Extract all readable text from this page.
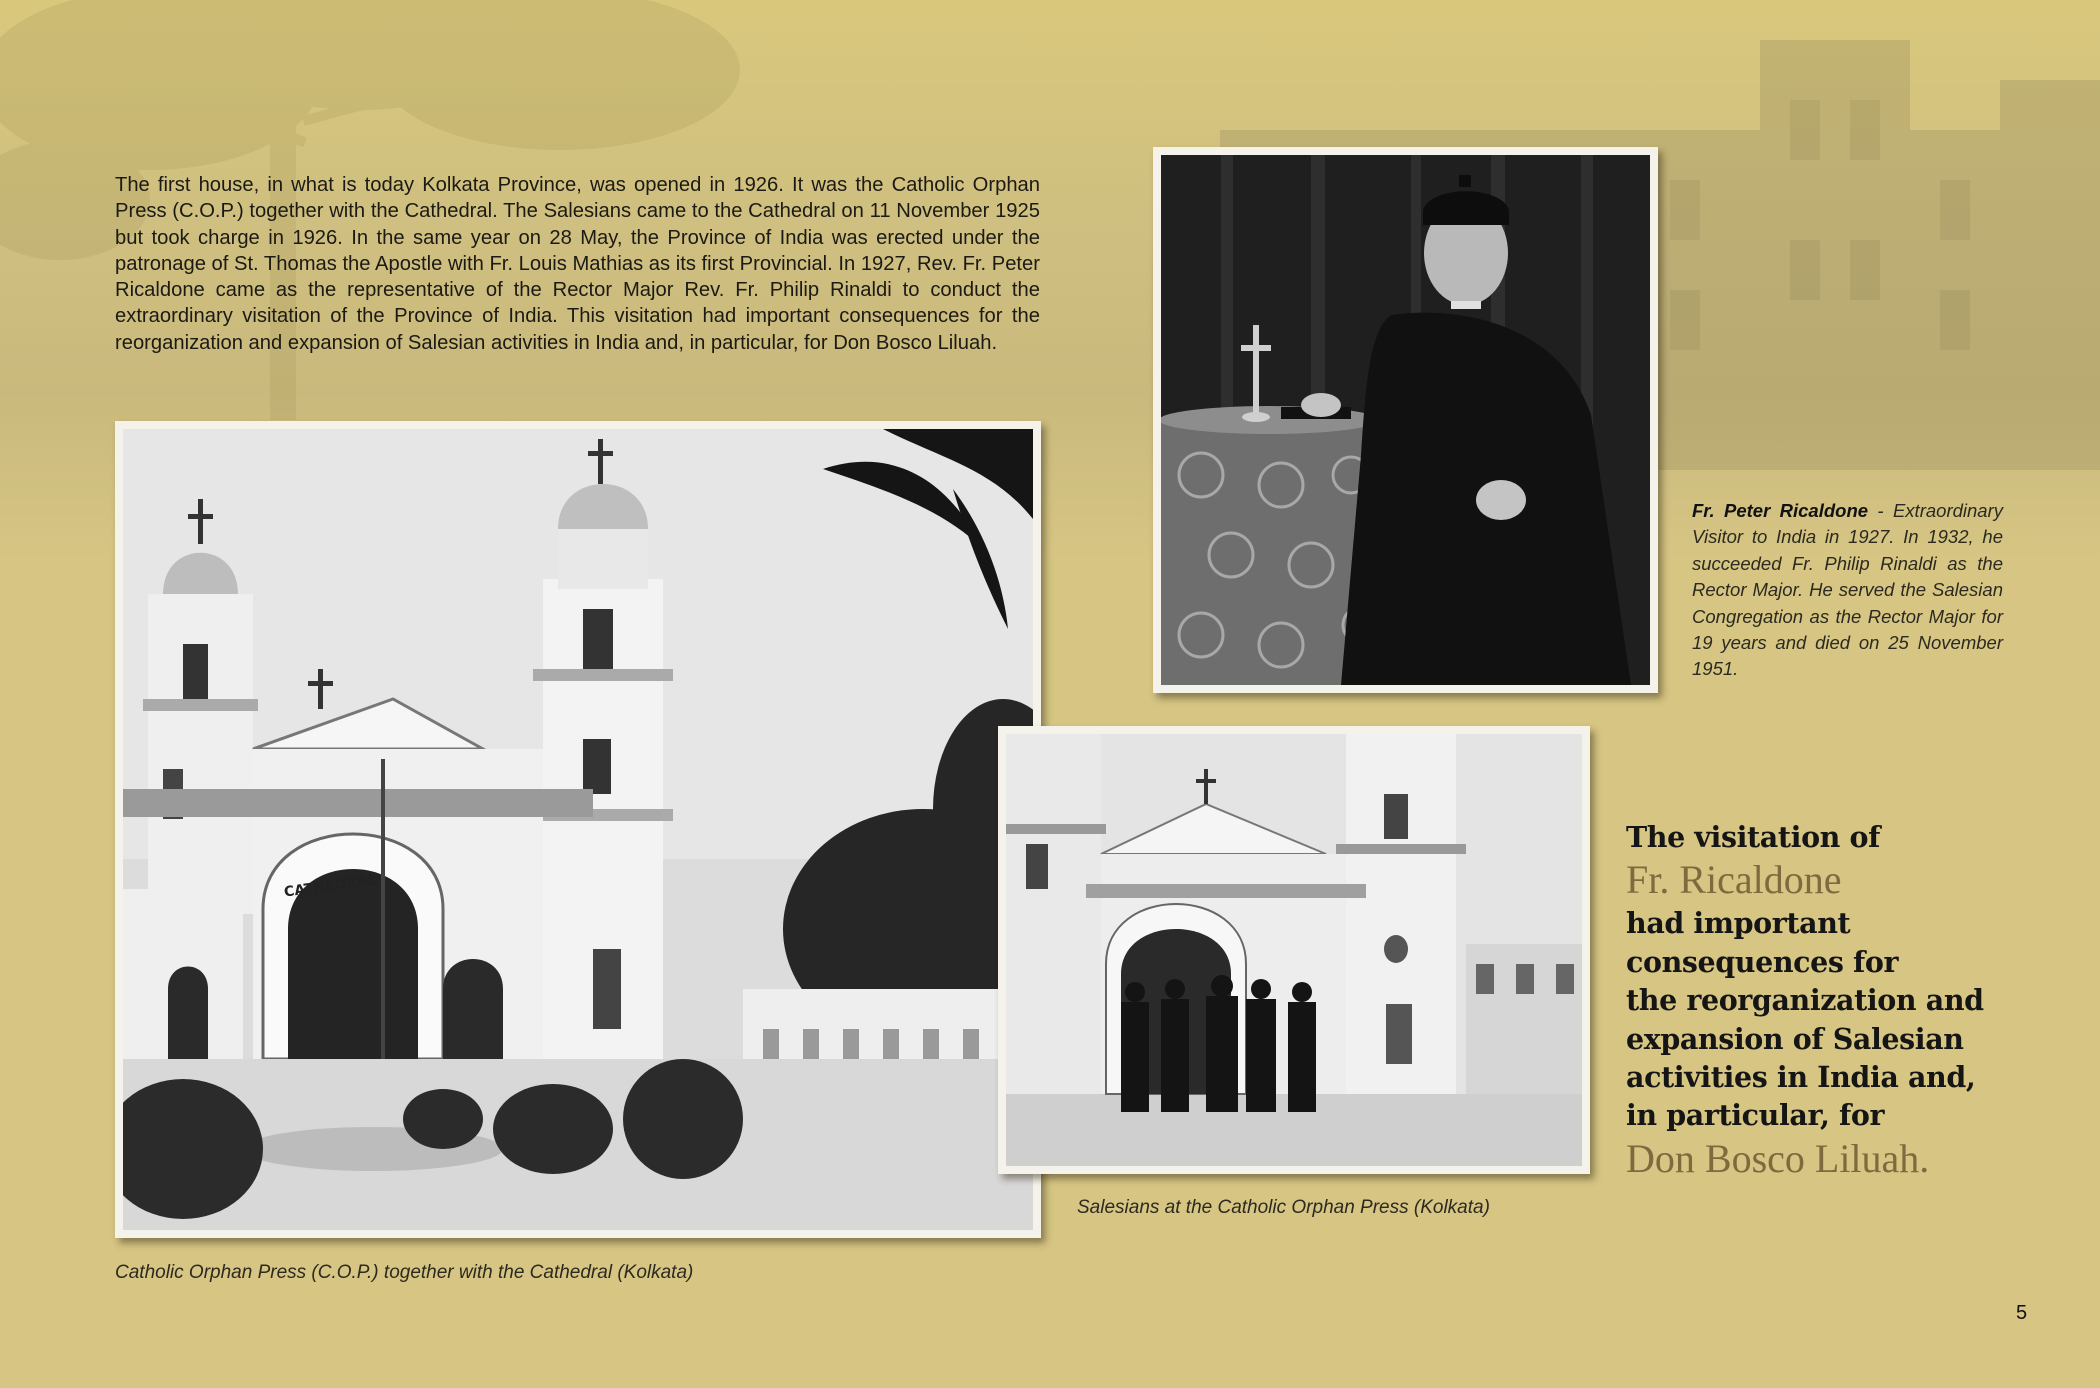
The first house, in what is today Kolkata Province, was opened in 1926. It was the Catholic Orphan Press (C.O.P.) together with the Cathedral. The Salesians came to the Cathedral on 11 November 1925 but took charge in 1926. In the same year on 28 May, the Province of India was erected under the patronage of St. Thomas the Apostle with Fr. Louis Mathias as its first Provincial. In 1927, Rev. Fr. Peter Ricaldone came as the representative of the Rector Major Rev. Fr. Philip Rinaldi to conduct the extraordinary visitation of the Province of India. This visitation had important consequences for the reorganization and expansion of Salesian activities in India and, in particular, for Don Bosco Liluah.

CATHEDRAL

Catholic Orphan Press (C.O.P.) together with the Cathedral (Kolkata)

Fr. Peter Ricaldone - Extraordinary Visitor to India in 1927. In 1932, he succeeded Fr. Philip Rinaldi as the Rector Major. He served the Salesian Congregation as the Rector Major for 19 years and died on 25 November 1951.

Salesians at the Catholic Orphan Press (Kolkata)

The visitation of
Fr. Ricaldone
had important
consequences for
the reorganization and
expansion of Salesian
activities in India and,
in particular, for
Don Bosco Liluah.
5
